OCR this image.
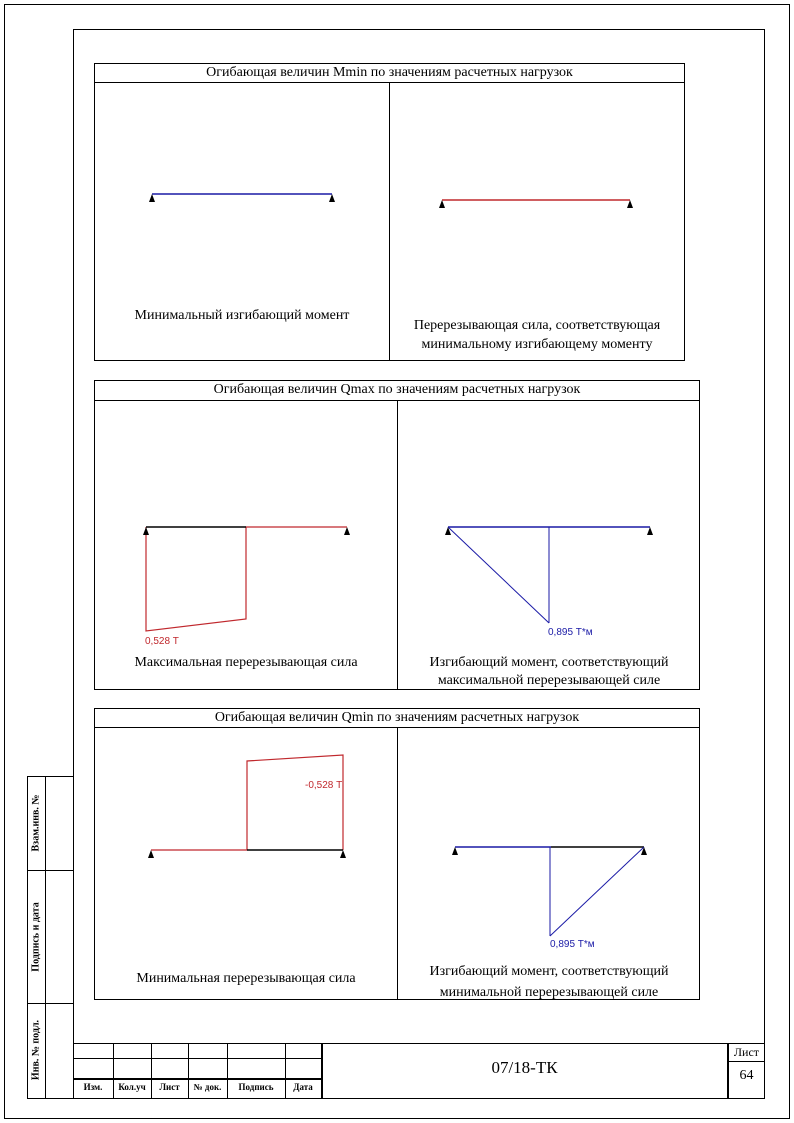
Огибающая величин Mmin по значениям расчетных нагрузок
Минимальный изгибающий момент
Перерезывающая сила, соответствующая
минимальному изгибающему моменту
Огибающая величин Qmax по значениям расчетных нагрузок
0,528 Т
Максимальная перерезывающая сила
0,895 Т*м
Изгибающий момент, соответствующий
максимальной перерезывающей силе
Огибающая величин Qmin по значениям расчетных нагрузок
-0,528 Т
Минимальная перерезывающая сила
0,895 Т*м
Изгибающий момент, соответствующий
минимальной перерезывающей силе
Взам.инв. №
Подпись и дата
Инв. № подл.
Изм.	Кол.уч	Лист	№ док.	Подпись	Дата
07/18-ТК
Лист
64
